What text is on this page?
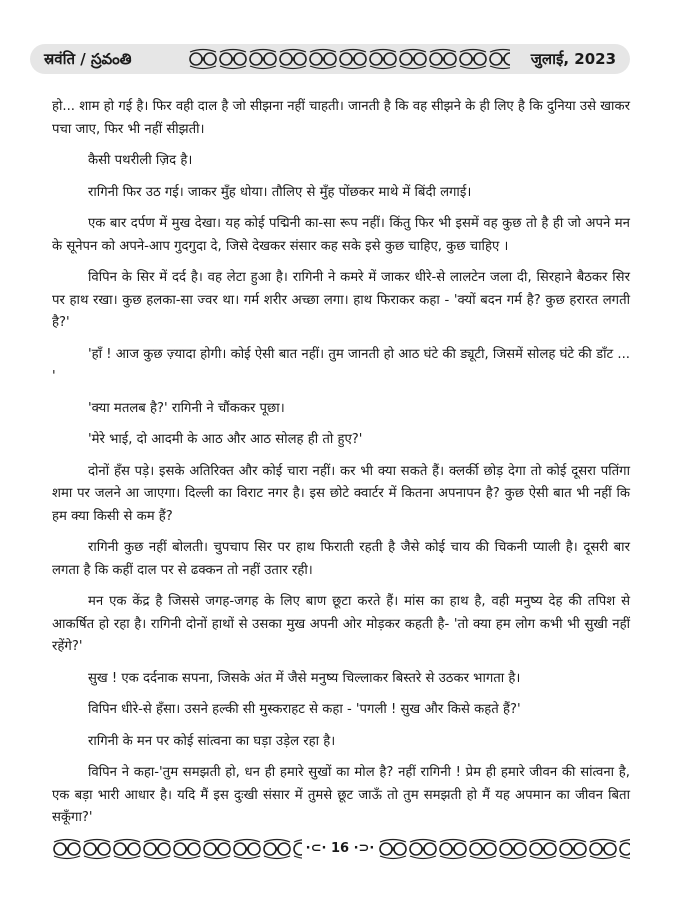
स्रवंति / స్రవంతి	जुलाई, 2023

हो... शाम हो गई है। फिर वही दाल है जो सीझना नहीं चाहती। जानती है कि वह सीझने के ही लिए है कि दुनिया उसे खाकर पचा जाए, फिर भी नहीं सीझती।

कैसी पथरीली ज़िद है।

रागिनी फिर उठ गई। जाकर मुँह धोया। तौलिए से मुँह पोंछकर माथे में बिंदी लगाई।

एक बार दर्पण में मुख देखा। यह कोई पद्मिनी का-सा रूप नहीं। किंतु फिर भी इसमें वह कुछ तो है ही जो अपने मन के सूनेपन को अपने-आप गुदगुदा दे, जिसे देखकर संसार कह सके इसे कुछ चाहिए, कुछ चाहिए ।

विपिन के सिर में दर्द है। वह लेटा हुआ है। रागिनी ने कमरे में जाकर धीरे-से लालटेन जला दी, सिरहाने बैठकर सिर पर हाथ रखा। कुछ हलका-सा ज्वर था। गर्म शरीर अच्छा लगा। हाथ फिराकर कहा - 'क्यों बदन गर्म है? कुछ हरारत लगती है?'

'हाँ ! आज कुछ ज़्यादा होगी। कोई ऐसी बात नहीं। तुम जानती हो आठ घंटे की ड्यूटी, जिसमें सोलह घंटे की डाँट ... '

'क्या मतलब है?' रागिनी ने चौंककर पूछा।

'मेरे भाई, दो आदमी के आठ और आठ सोलह ही तो हुए?'

दोनों हँस पड़े। इसके अतिरिक्त और कोई चारा नहीं। कर भी क्या सकते हैं। क्लर्की छोड़ देगा तो कोई दूसरा पतिंगा शमा पर जलने आ जाएगा। दिल्ली का विराट नगर है। इस छोटे क्वार्टर में कितना अपनापन है? कुछ ऐसी बात भी नहीं कि हम क्या किसी से कम हैं?

रागिनी कुछ नहीं बोलती। चुपचाप सिर पर हाथ फिराती रहती है जैसे कोई चाय की चिकनी प्याली है। दूसरी बार लगता है कि कहीं दाल पर से ढक्कन तो नहीं उतार रही।

मन एक केंद्र है जिससे जगह-जगह के लिए बाण छूटा करते हैं। मांस का हाथ है, वही मनुष्य देह की तपिश से आकर्षित हो रहा है। रागिनी दोनों हाथों से उसका मुख अपनी ओर मोड़कर कहती है- 'तो क्या हम लोग कभी भी सुखी नहीं रहेंगे?'

सुख ! एक दर्दनाक सपना, जिसके अंत में जैसे मनुष्य चिल्लाकर बिस्तरे से उठकर भागता है।

विपिन धीरे-से हँसा। उसने हल्की सी मुस्कराहट से कहा - 'पगली ! सुख और किसे कहते हैं?'

रागिनी के मन पर कोई सांत्वना का घड़ा उड़ेल रहा है।

विपिन ने कहा-'तुम समझती हो, धन ही हमारे सुखों का मोल है? नहीं रागिनी ! प्रेम ही हमारे जीवन की सांत्वना है, एक बड़ा भारी आधार है। यदि मैं इस दुःखी संसार में तुमसे छूट जाऊँ तो तुम समझती हो मैं यह अपमान का जीवन बिता सकूँगा?'

·⊂· 16 ·⊃·
